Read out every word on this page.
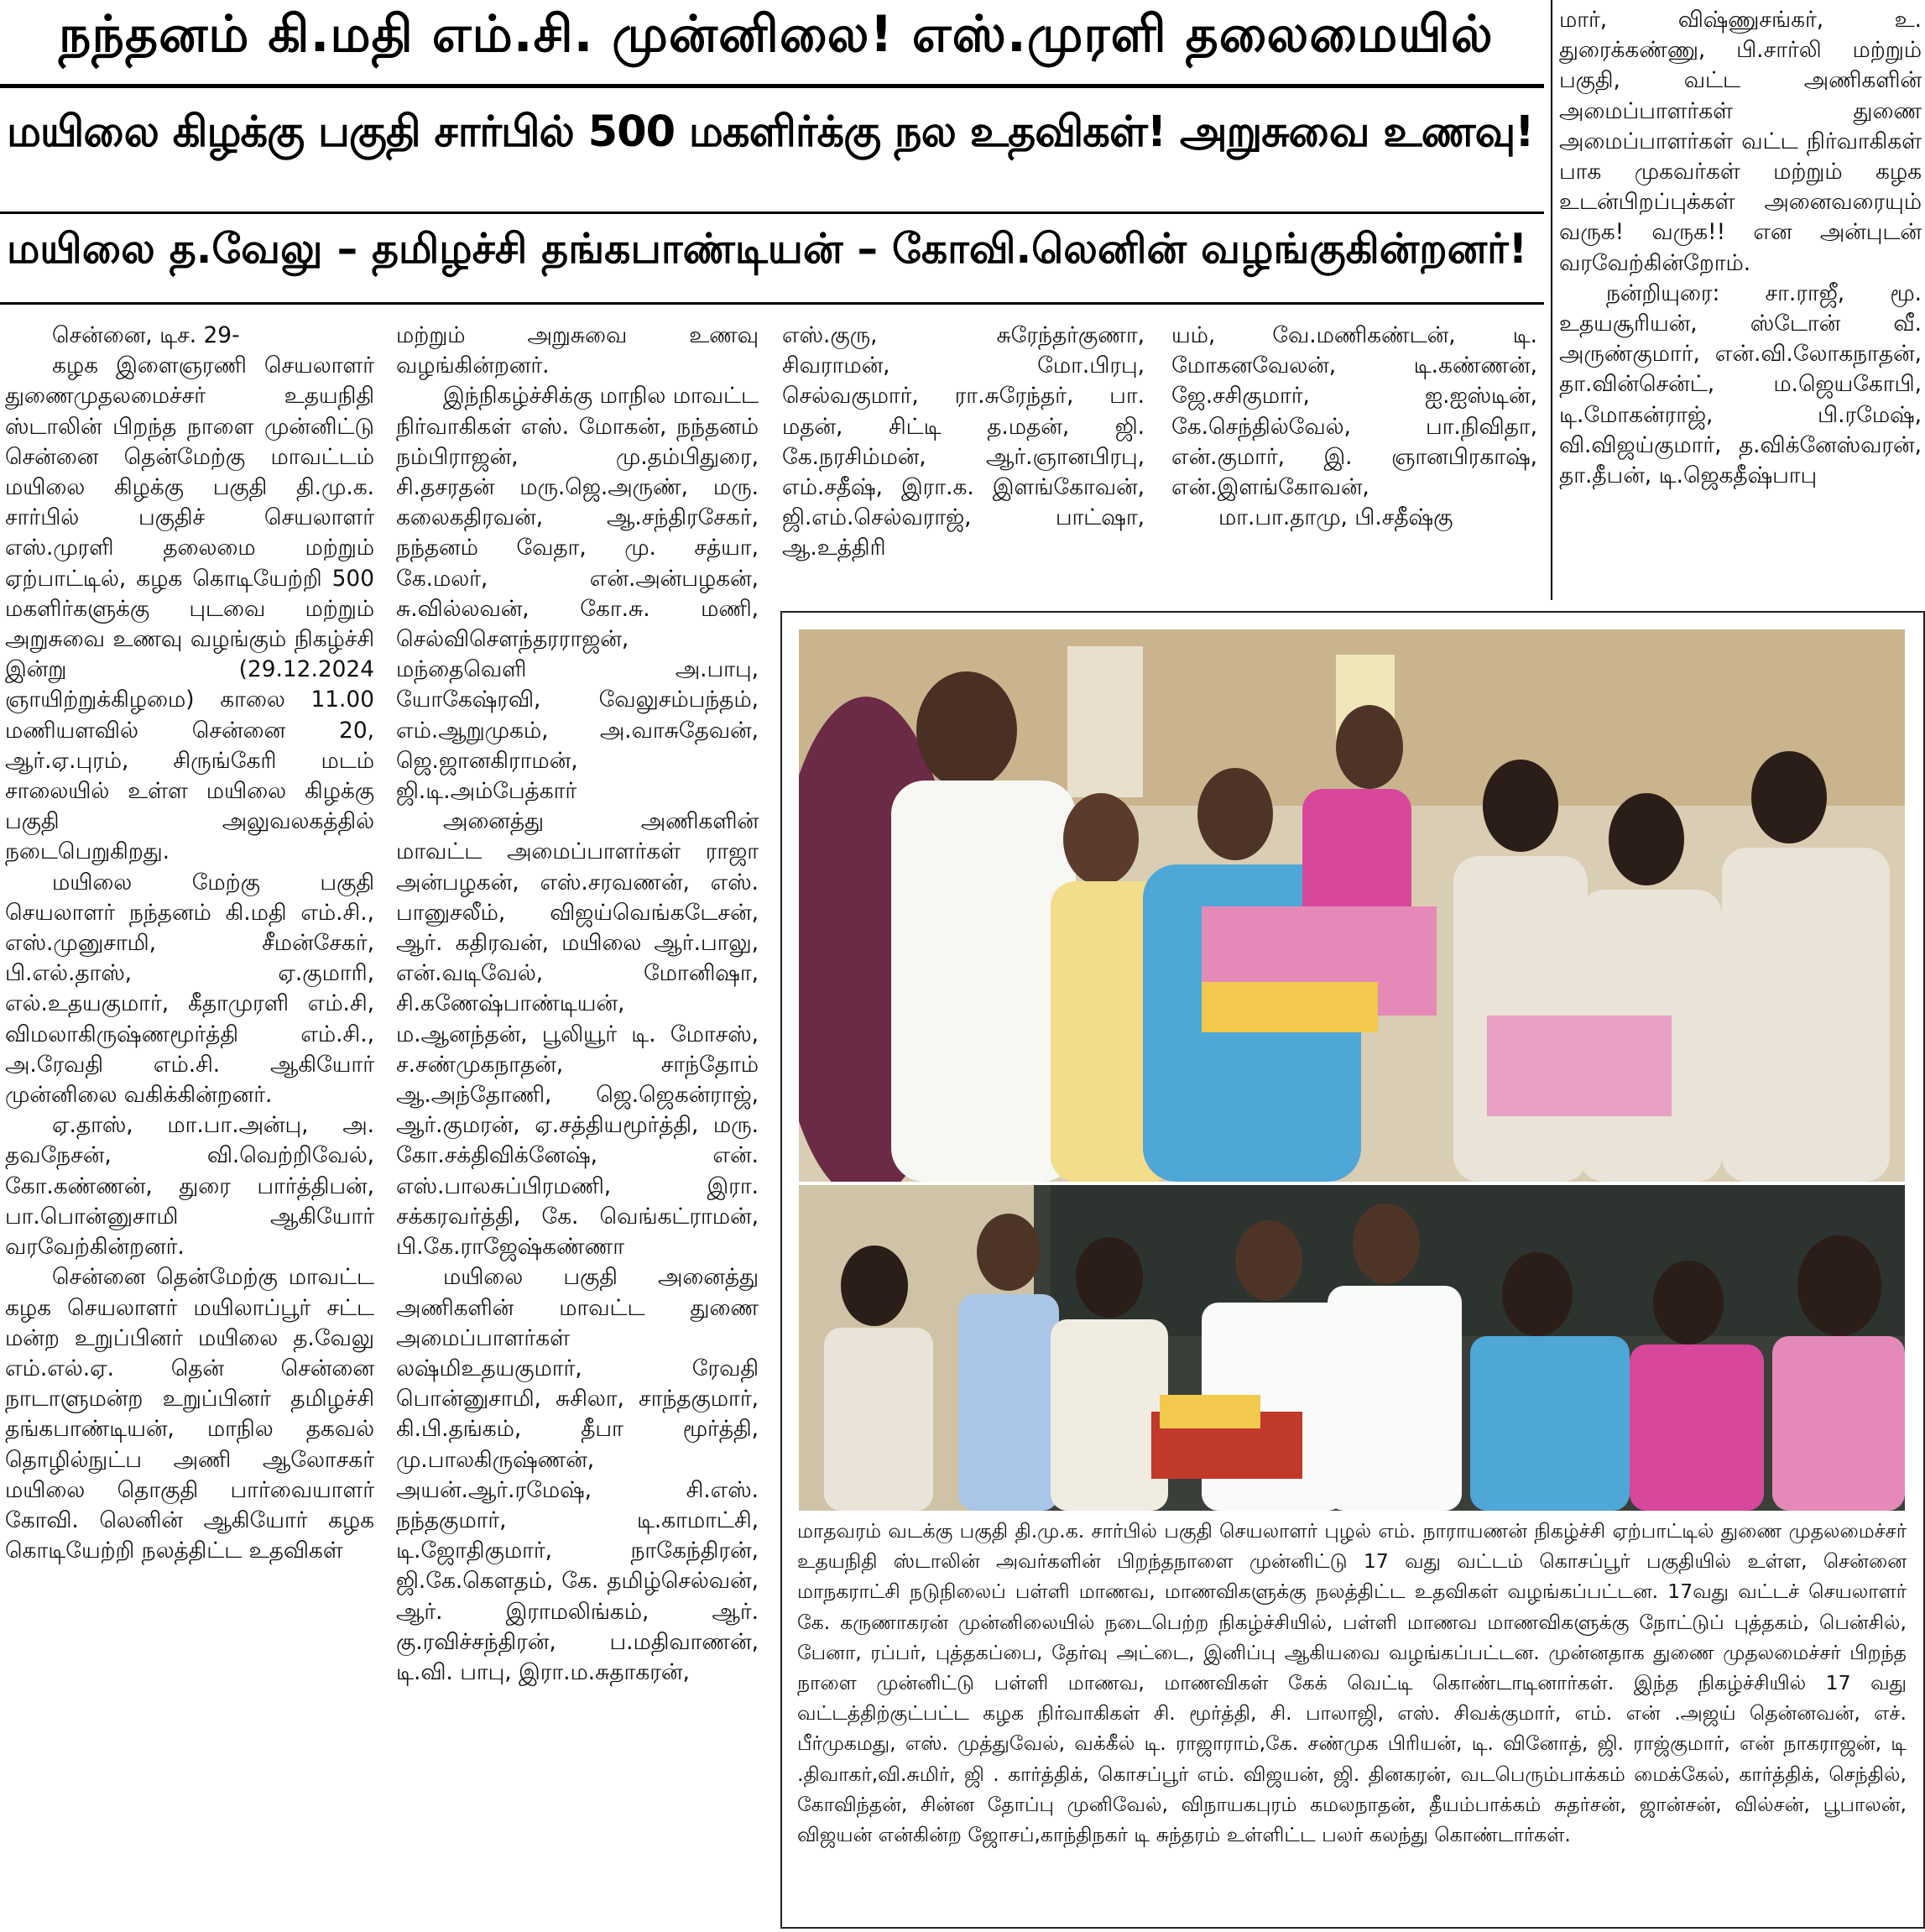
நந்தனம் கி.மதி எம்.சி. முன்னிலை! எஸ்.முரளி தலைமையில்
மயிலை கிழக்கு பகுதி சார்பில் 500 மகளிர்க்கு நல உதவிகள்! அறுசுவை உணவு!
மயிலை த.வேலு – தமிழச்சி தங்கபாண்டியன் – கோவி.லெனின் வழங்குகின்றனர்!

சென்னை, டிச. 29-

கழக இளைஞரணி செயலாளர் துணைமுதலமைச்சர் உதயநிதி ஸ்டாலின் பிறந்த நாளை முன்னிட்டு சென்னை தென்மேற்கு மாவட்டம் மயிலை கிழக்கு பகுதி தி.மு.க. சார்பில் பகுதிச் செயலாளர் எஸ்.முரளி தலைமை மற்றும் ஏற்பாட்டில், கழக கொடியேற்றி 500 மகளிர்களுக்கு புடவை மற்றும் அறுசுவை உணவு வழங்கும் நிகழ்ச்சி இன்று (29.12.2024 ஞாயிற்றுக்கிழமை) காலை 11.00 மணியளவில் சென்னை 20, ஆர்.ஏ.புரம், சிருங்கேரி மடம் சாலையில் உள்ள மயிலை கிழக்கு பகுதி அலுவலகத்தில் நடைபெறுகிறது.

மயிலை மேற்கு பகுதி செயலாளர் நந்தனம் கி.மதி எம்.சி., எஸ்.முனுசாமி, சீமன்சேகர், பி.எல்.தாஸ், ஏ.குமாரி, எல்.உதயகுமார், கீதாமுரளி எம்.சி, விமலாகிருஷ்ணமூர்த்தி எம்.சி., அ.ரேவதி எம்.சி. ஆகியோர் முன்னிலை வகிக்கின்றனர்.

ஏ.தாஸ், மா.பா.அன்பு, அ. தவநேசன், வி.வெற்றிவேல், கோ.கண்ணன், துரை பார்த்திபன், பா.பொன்னுசாமி ஆகியோர் வரவேற்கின்றனர்.

சென்னை தென்மேற்கு மாவட்ட கழக செயலாளர் மயிலாப்பூர் சட்ட மன்ற உறுப்பினர் மயிலை த.வேலு எம்.எல்.ஏ. தென் சென்னை நாடாளுமன்ற உறுப்பினர் தமிழச்சி தங்கபாண்டியன், மாநில தகவல் தொழில்நுட்ப அணி ஆலோசகர் மயிலை தொகுதி பார்வையாளர் கோவி. லெனின் ஆகியோர் கழக கொடியேற்றி நலத்திட்ட உதவிகள்

மற்றும் அறுசுவை உணவு வழங்கின்றனர்.

இந்நிகழ்ச்சிக்கு மாநில மாவட்ட நிர்வாகிகள் எஸ். மோகன், நந்தனம் நம்பிராஜன், மு.தம்பிதுரை, சி.தசரதன் மரு.ஜெ.அருண், மரு. கலைகதிரவன், ஆ.சந்திரசேகர், நந்தனம் வேதா, மு. சத்யா, கே.மலர், என்.அன்பழகன், சு.வில்லவன், கோ.சு. மணி, செல்விசௌந்தரராஜன், மந்தைவெளி அ.பாபு, யோகேஷ்ரவி, வேலுசம்பந்தம், எம்.ஆறுமுகம், அ.வாசுதேவன், ஜெ.ஜானகிராமன், ஜி.டி.அம்பேத்கார்

அனைத்து அணிகளின் மாவட்ட அமைப்பாளர்கள் ராஜா அன்பழகன், எஸ்.சரவணன், எஸ். பானுசலீம், விஜய்வெங்கடேசன், ஆர். கதிரவன், மயிலை ஆர்.பாலு, என்.வடிவேல், மோனிஷா, சி.கணேஷ்பாண்டியன், ம.ஆனந்தன், பூலியூர் டி. மோசஸ், ச.சண்முகநாதன், சாந்தோம் ஆ.அந்தோணி, ஜெ.ஜெகன்ராஜ், ஆர்.குமரன், ஏ.சத்தியமூர்த்தி, மரு. கோ.சக்திவிக்னேஷ், என். எஸ்.பாலசுப்பிரமணி, இரா. சக்கரவர்த்தி, கே. வெங்கட்ராமன், பி.கே.ராஜேஷ்கண்ணா

மயிலை பகுதி அனைத்து அணிகளின் மாவட்ட துணை அமைப்பாளர்கள் லஷ்மிஉதயகுமார், ரேவதி பொன்னுசாமி, சுசிலா, சாந்தகுமார், கி.பி.தங்கம், தீபா மூர்த்தி, மு.பாலகிருஷ்ணன், அயன்.ஆர்.ரமேஷ், சி.எஸ். நந்தகுமார், டி.காமாட்சி, டி.ஜோதிகுமார், நாகேந்திரன், ஜி.கே.கௌதம், கே. தமிழ்செல்வன், ஆர். இராமலிங்கம், ஆர். கு.ரவிச்சந்திரன், ப.மதிவாணன், டி.வி. பாபு, இரா.ம.சுதாகரன்,

எஸ்.குரு, சுரேந்தர்குணா, சிவராமன், மோ.பிரபு, செல்வகுமார், ரா.சுரேந்தர், பா. மதன், சிட்டி த.மதன், ஜி. கே.நரசிம்மன், ஆர்.ஞானபிரபு, எம்.சதீஷ், இரா.க. இளங்கோவன், ஜி.எம்.செல்வராஜ், பாட்ஷா, ஆ.உத்திரி

யம், வே.மணிகண்டன், டி. மோகனவேலன், டி.கண்ணன், ஜே.சசிகுமார், ஐ.ஐஸ்டின், கே.செந்தில்வேல், பா.நிவிதா, என்.குமார், இ. ஞானபிரகாஷ், என்.இளங்கோவன்,

மா.பா.தாமு, பி.சதீஷ்கு

மார், விஷ்ணுசங்கர், உ. துரைக்கண்ணு, பி.சார்லி மற்றும் பகுதி, வட்ட அணிகளின் அமைப்பாளர்கள் துணை அமைப்பாளர்கள் வட்ட நிர்வாகிகள் பாக முகவர்கள் மற்றும் கழக உடன்பிறப்புக்கள் அனைவரையும் வருக! வருக!! என அன்புடன் வரவேற்கின்றோம்.

நன்றியுரை: சா.ராஜீ, மூ. உதயசூரியன், ஸ்டோன் வீ. அருண்குமார், என்.வி.லோகநாதன், தா.வின்சென்ட், ம.ஜெயகோபி, டி.மோகன்ராஜ், பி.ரமேஷ், வி.விஜய்குமார், த.விக்னேஸ்வரன், தா.தீபன், டி.ஜெகதீஷ்பாபு

மாதவரம் வடக்கு பகுதி தி.மு.க. சார்பில் பகுதி செயலாளர் புழல் எம். நாராயணன் நிகழ்ச்சி ஏற்பாட்டில் துணை முதலமைச்சர் உதயநிதி ஸ்டாலின் அவர்களின் பிறந்தநாளை முன்னிட்டு 17 வது வட்டம் கொசப்பூர் பகுதியில் உள்ள, சென்னை மாநகராட்சி நடுநிலைப் பள்ளி மாணவ, மாணவிகளுக்கு நலத்திட்ட உதவிகள் வழங்கப்பட்டன. 17வது வட்டச் செயலாளர் கே. கருணாகரன் முன்னிலையில் நடைபெற்ற நிகழ்ச்சியில், பள்ளி மாணவ மாணவிகளுக்கு நோட்டுப் புத்தகம், பென்சில், பேனா, ரப்பர், புத்தகப்பை, தேர்வு அட்டை, இனிப்பு ஆகியவை வழங்கப்பட்டன. முன்னதாக துணை முதலமைச்சர் பிறந்த நாளை முன்னிட்டு பள்ளி மாணவ, மாணவிகள் கேக் வெட்டி கொண்டாடினார்கள். இந்த நிகழ்ச்சியில் 17 வது வட்டத்திற்குட்பட்ட கழக நிர்வாகிகள் சி. மூர்த்தி, சி. பாலாஜி, எஸ். சிவக்குமார், எம். என் .அஜய் தென்னவன், எச். பீர்முகமது, எஸ். முத்துவேல், வக்கீல் டி. ராஜாராம்,கே. சண்முக பிரியன், டி. வினோத், ஜி. ராஜ்குமார், என் நாகராஜன், டி .திவாகர்,வி.சுமிர், ஜி . கார்த்திக், கொசப்பூர் எம். விஜயன், ஜி. தினகரன், வடபெரும்பாக்கம் மைக்கேல், கார்த்திக், செந்தில், கோவிந்தன், சின்ன தோப்பு முனிவேல், விநாயகபுரம் கமலநாதன், தீயம்பாக்கம் சுதர்சன், ஜான்சன், வில்சன், பூபாலன், விஜயன் என்கின்ற ஜோசப்,காந்திநகர் டி சுந்தரம் உள்ளிட்ட பலர் கலந்து கொண்டார்கள்.
